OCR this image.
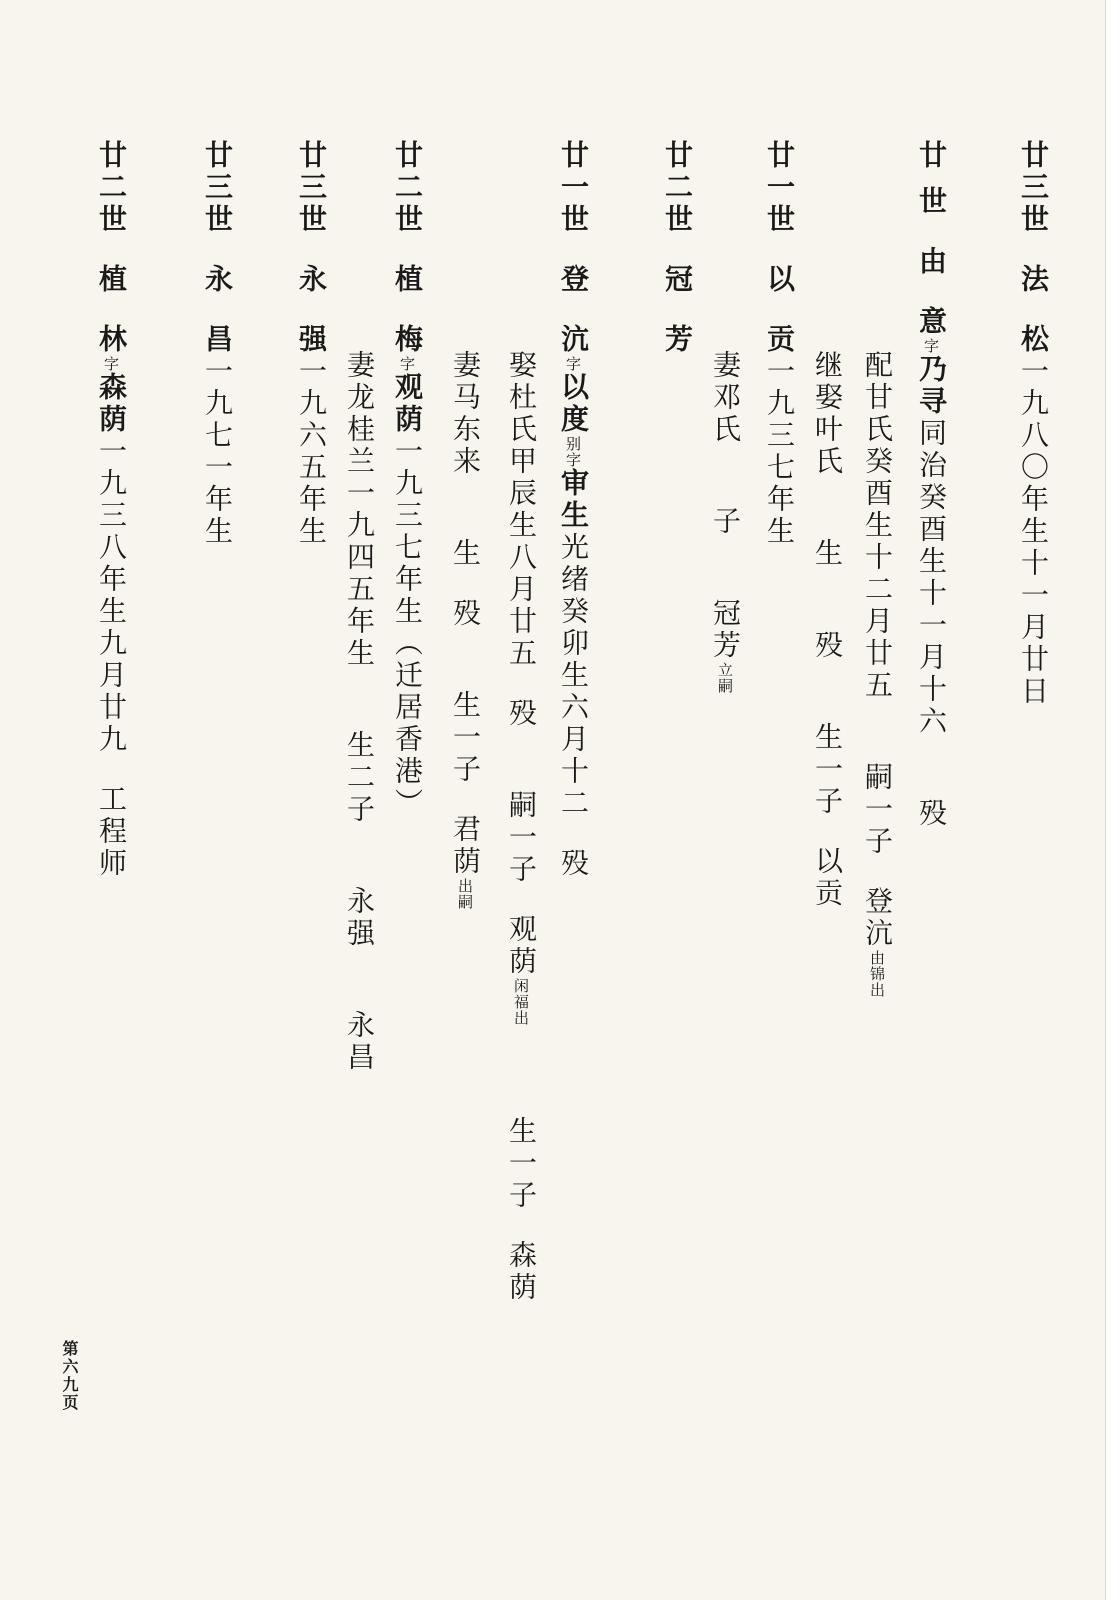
廿三世法松一九八〇年生十一月廿日
廿 世由意字乃寻同治癸酉生十一月十六殁
配甘氏癸酉生十二月廿五嗣一子登沆由锦出
继娶叶氏生殁生一子以贡
廿一世以贡一九三七年生
妻邓氏子冠芳立嗣
廿二世冠芳
廿一世登沆字以度别字审生光绪癸卯生六月十二殁
娶杜氏甲辰生八月廿五殁嗣一子观荫闲福出生一子森荫
妻马东来生殁生一子君荫出嗣
廿二世植梅字观荫一九三七年生（迁居香港）
妻龙桂兰一九四五年生生二子永强永昌
廿三世永强一九六五年生
廿三世永昌一九七一年生
廿二世植林字森荫一九三八年生九月廿九工程师
第六九页
